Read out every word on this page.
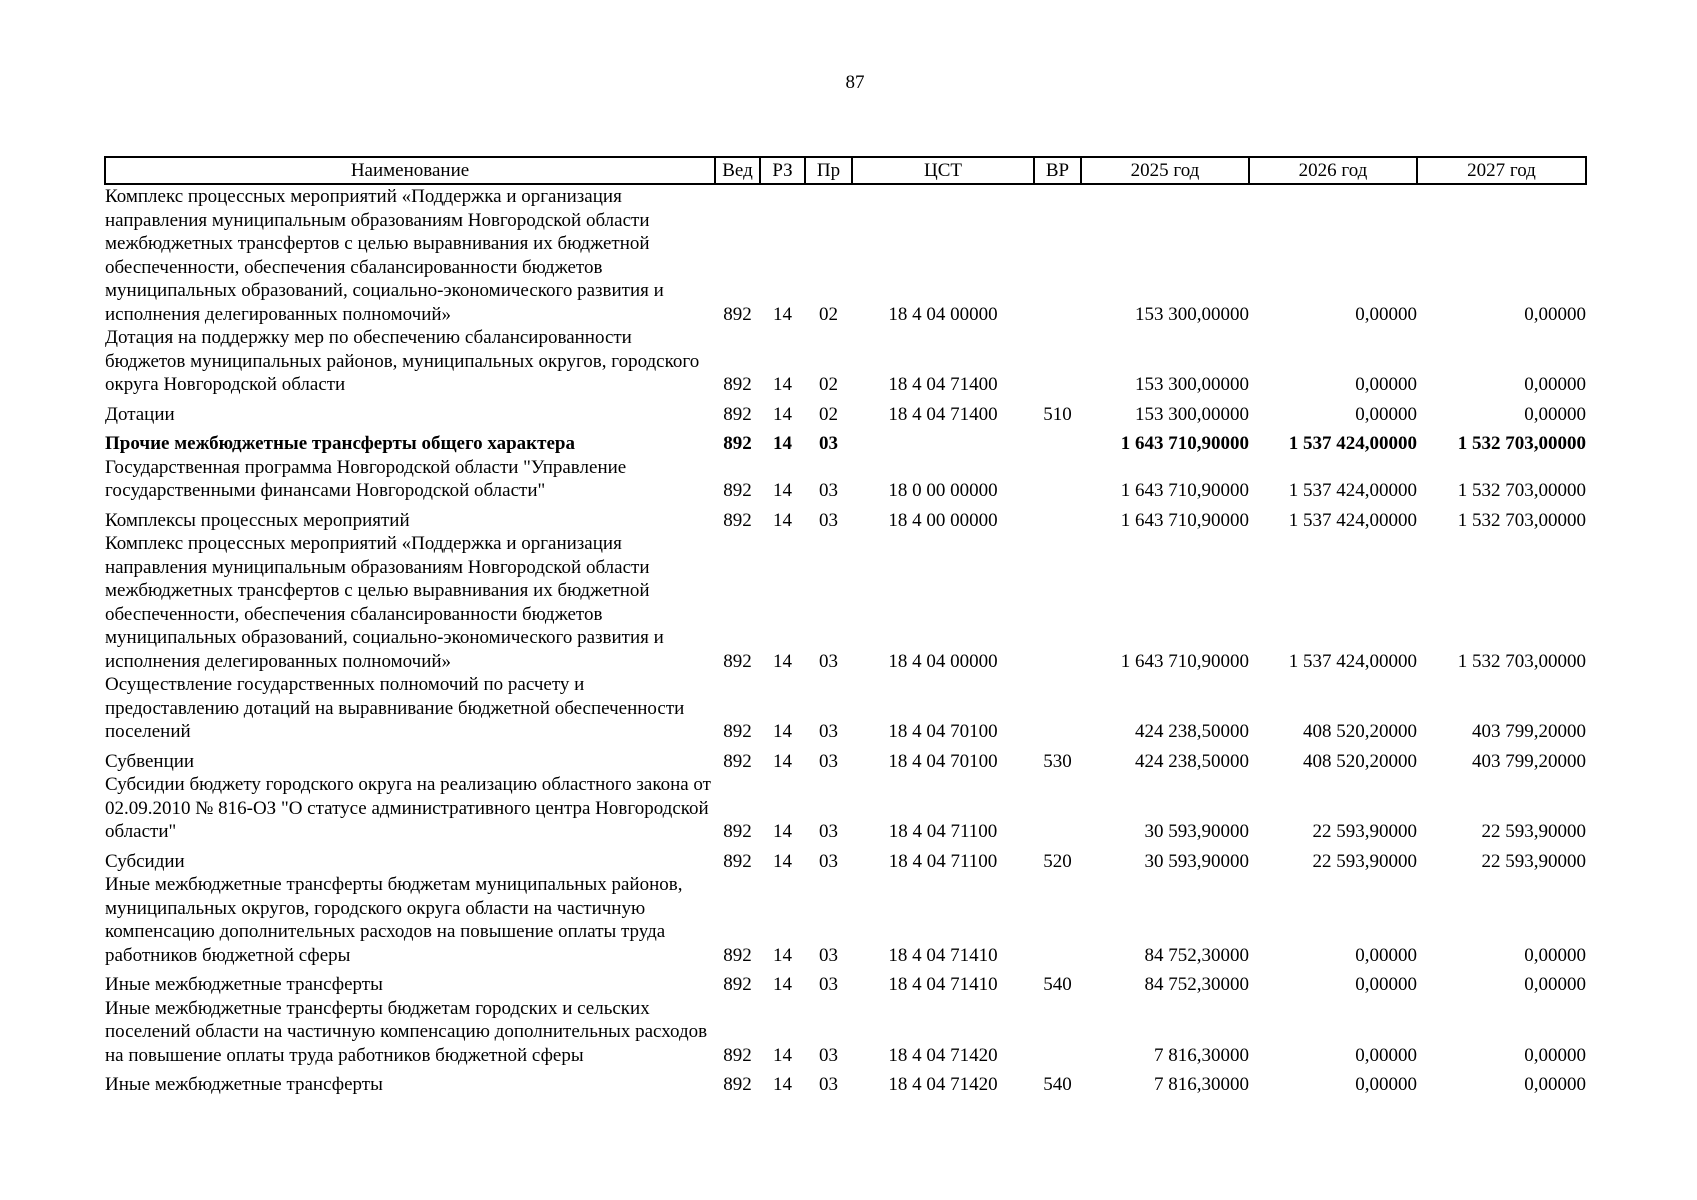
87
Наименование	Вед	РЗ	Пр	ЦСТ	ВР	2025 год	2026 год	2027 год
Комплекс процессных мероприятий «Поддержка и организация направления муниципальным образованиям Новгородской области межбюджетных трансфертов с целью выравнивания их бюджетной обеспеченности, обеспечения сбалансированности бюджетов муниципальных образований, социально-экономического развития и исполнения делегированных полномочий»	892	14	02	18 4 04 00000		153 300,00000	0,00000	0,00000
Дотация на поддержку мер по обеспечению сбалансированности бюджетов муниципальных районов, муниципальных округов, городского округа Новгородской области	892	14	02	18 4 04 71400		153 300,00000	0,00000	0,00000
Дотации	892	14	02	18 4 04 71400	510	153 300,00000	0,00000	0,00000
Прочие межбюджетные трансферты общего характера	892	14	03			1 643 710,90000	1 537 424,00000	1 532 703,00000
Государственная программа Новгородской области "Управление государственными финансами Новгородской области"	892	14	03	18 0 00 00000		1 643 710,90000	1 537 424,00000	1 532 703,00000
Комплексы процессных мероприятий	892	14	03	18 4 00 00000		1 643 710,90000	1 537 424,00000	1 532 703,00000
Комплекс процессных мероприятий «Поддержка и организация направления муниципальным образованиям Новгородской области межбюджетных трансфертов с целью выравнивания их бюджетной обеспеченности, обеспечения сбалансированности бюджетов муниципальных образований, социально-экономического развития и исполнения делегированных полномочий»	892	14	03	18 4 04 00000		1 643 710,90000	1 537 424,00000	1 532 703,00000
Осуществление государственных полномочий по расчету и предоставлению дотаций на выравнивание бюджетной обеспеченности поселений	892	14	03	18 4 04 70100		424 238,50000	408 520,20000	403 799,20000
Субвенции	892	14	03	18 4 04 70100	530	424 238,50000	408 520,20000	403 799,20000
Субсидии бюджету городского округа на реализацию областного закона от 02.09.2010 № 816-ОЗ "О статусе административного центра Новгородской области"	892	14	03	18 4 04 71100		30 593,90000	22 593,90000	22 593,90000
Субсидии	892	14	03	18 4 04 71100	520	30 593,90000	22 593,90000	22 593,90000
Иные межбюджетные трансферты бюджетам муниципальных районов, муниципальных округов, городского округа области на частичную компенсацию дополнительных расходов на повышение оплаты труда работников бюджетной сферы	892	14	03	18 4 04 71410		84 752,30000	0,00000	0,00000
Иные межбюджетные трансферты	892	14	03	18 4 04 71410	540	84 752,30000	0,00000	0,00000
Иные межбюджетные трансферты бюджетам городских и сельских поселений области на частичную компенсацию дополнительных расходов на повышение оплаты труда работников бюджетной сферы	892	14	03	18 4 04 71420		7 816,30000	0,00000	0,00000
Иные межбюджетные трансферты	892	14	03	18 4 04 71420	540	7 816,30000	0,00000	0,00000
